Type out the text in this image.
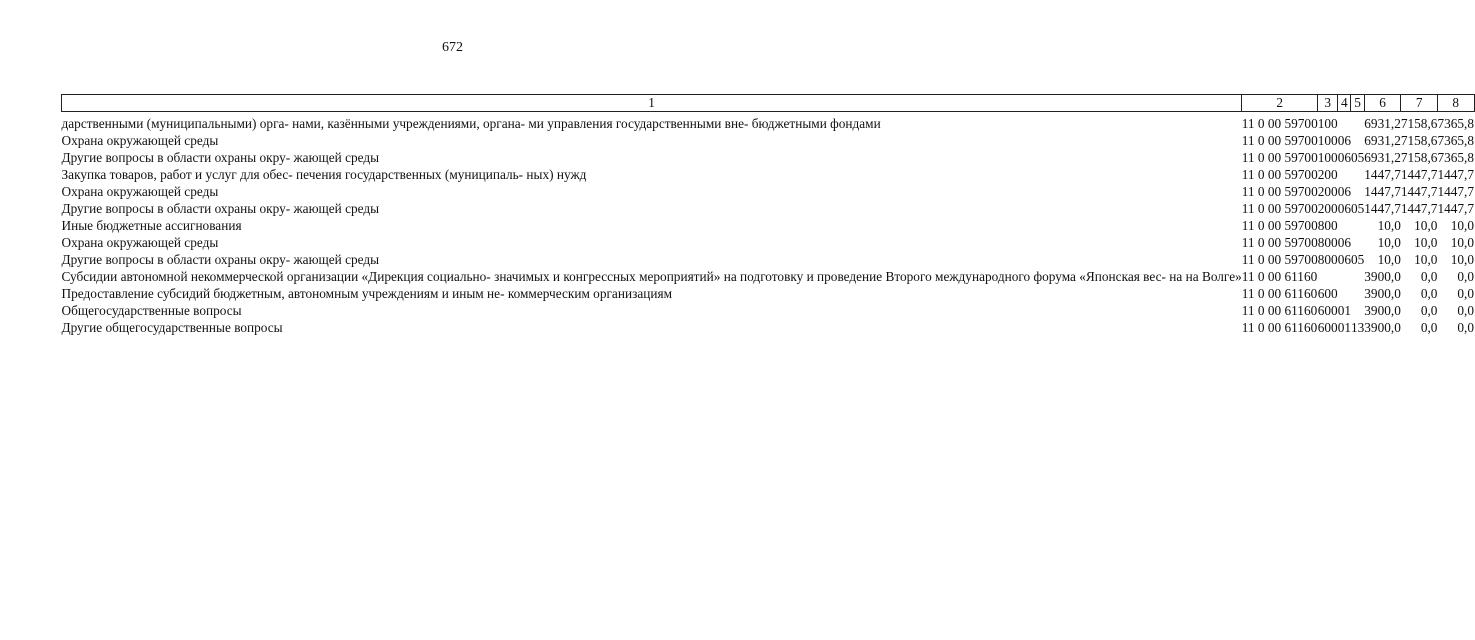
672
1	2	3	4	5	6	7	8
дарственными (муниципальными) орга- нами, казёнными учреждениями, органа- ми управления государственными вне- бюджетными фондами	11 0 00 59700	100			6931,2	7158,6	7365,8
Охрана окружающей среды	11 0 00 59700	100	06		6931,2	7158,6	7365,8
Другие вопросы в области охраны окру- жающей среды	11 0 00 59700	100	06	05	6931,2	7158,6	7365,8
Закупка товаров, работ и услуг для обес- печения государственных (муниципаль- ных) нужд	11 0 00 59700	200			1447,7	1447,7	1447,7
Охрана окружающей среды	11 0 00 59700	200	06		1447,7	1447,7	1447,7
Другие вопросы в области охраны окру- жающей среды	11 0 00 59700	200	06	05	1447,7	1447,7	1447,7
Иные бюджетные ассигнования	11 0 00 59700	800			10,0	10,0	10,0
Охрана окружающей среды	11 0 00 59700	800	06		10,0	10,0	10,0
Другие вопросы в области охраны окру- жающей среды	11 0 00 59700	800	06	05	10,0	10,0	10,0
Субсидии автономной некоммерческой организации «Дирекция социально- значимых и конгрессных мероприятий» на подготовку и проведение Второго международного форума «Японская вес- на на Волге»	11 0 00 61160				3900,0	0,0	0,0
Предоставление субсидий бюджетным, автономным учреждениям и иным не- коммерческим организациям	11 0 00 61160	600			3900,0	0,0	0,0
Общегосударственные вопросы	11 0 00 61160	600	01		3900,0	0,0	0,0
Другие общегосударственные вопросы	11 0 00 61160	600	01	13	3900,0	0,0	0,0
